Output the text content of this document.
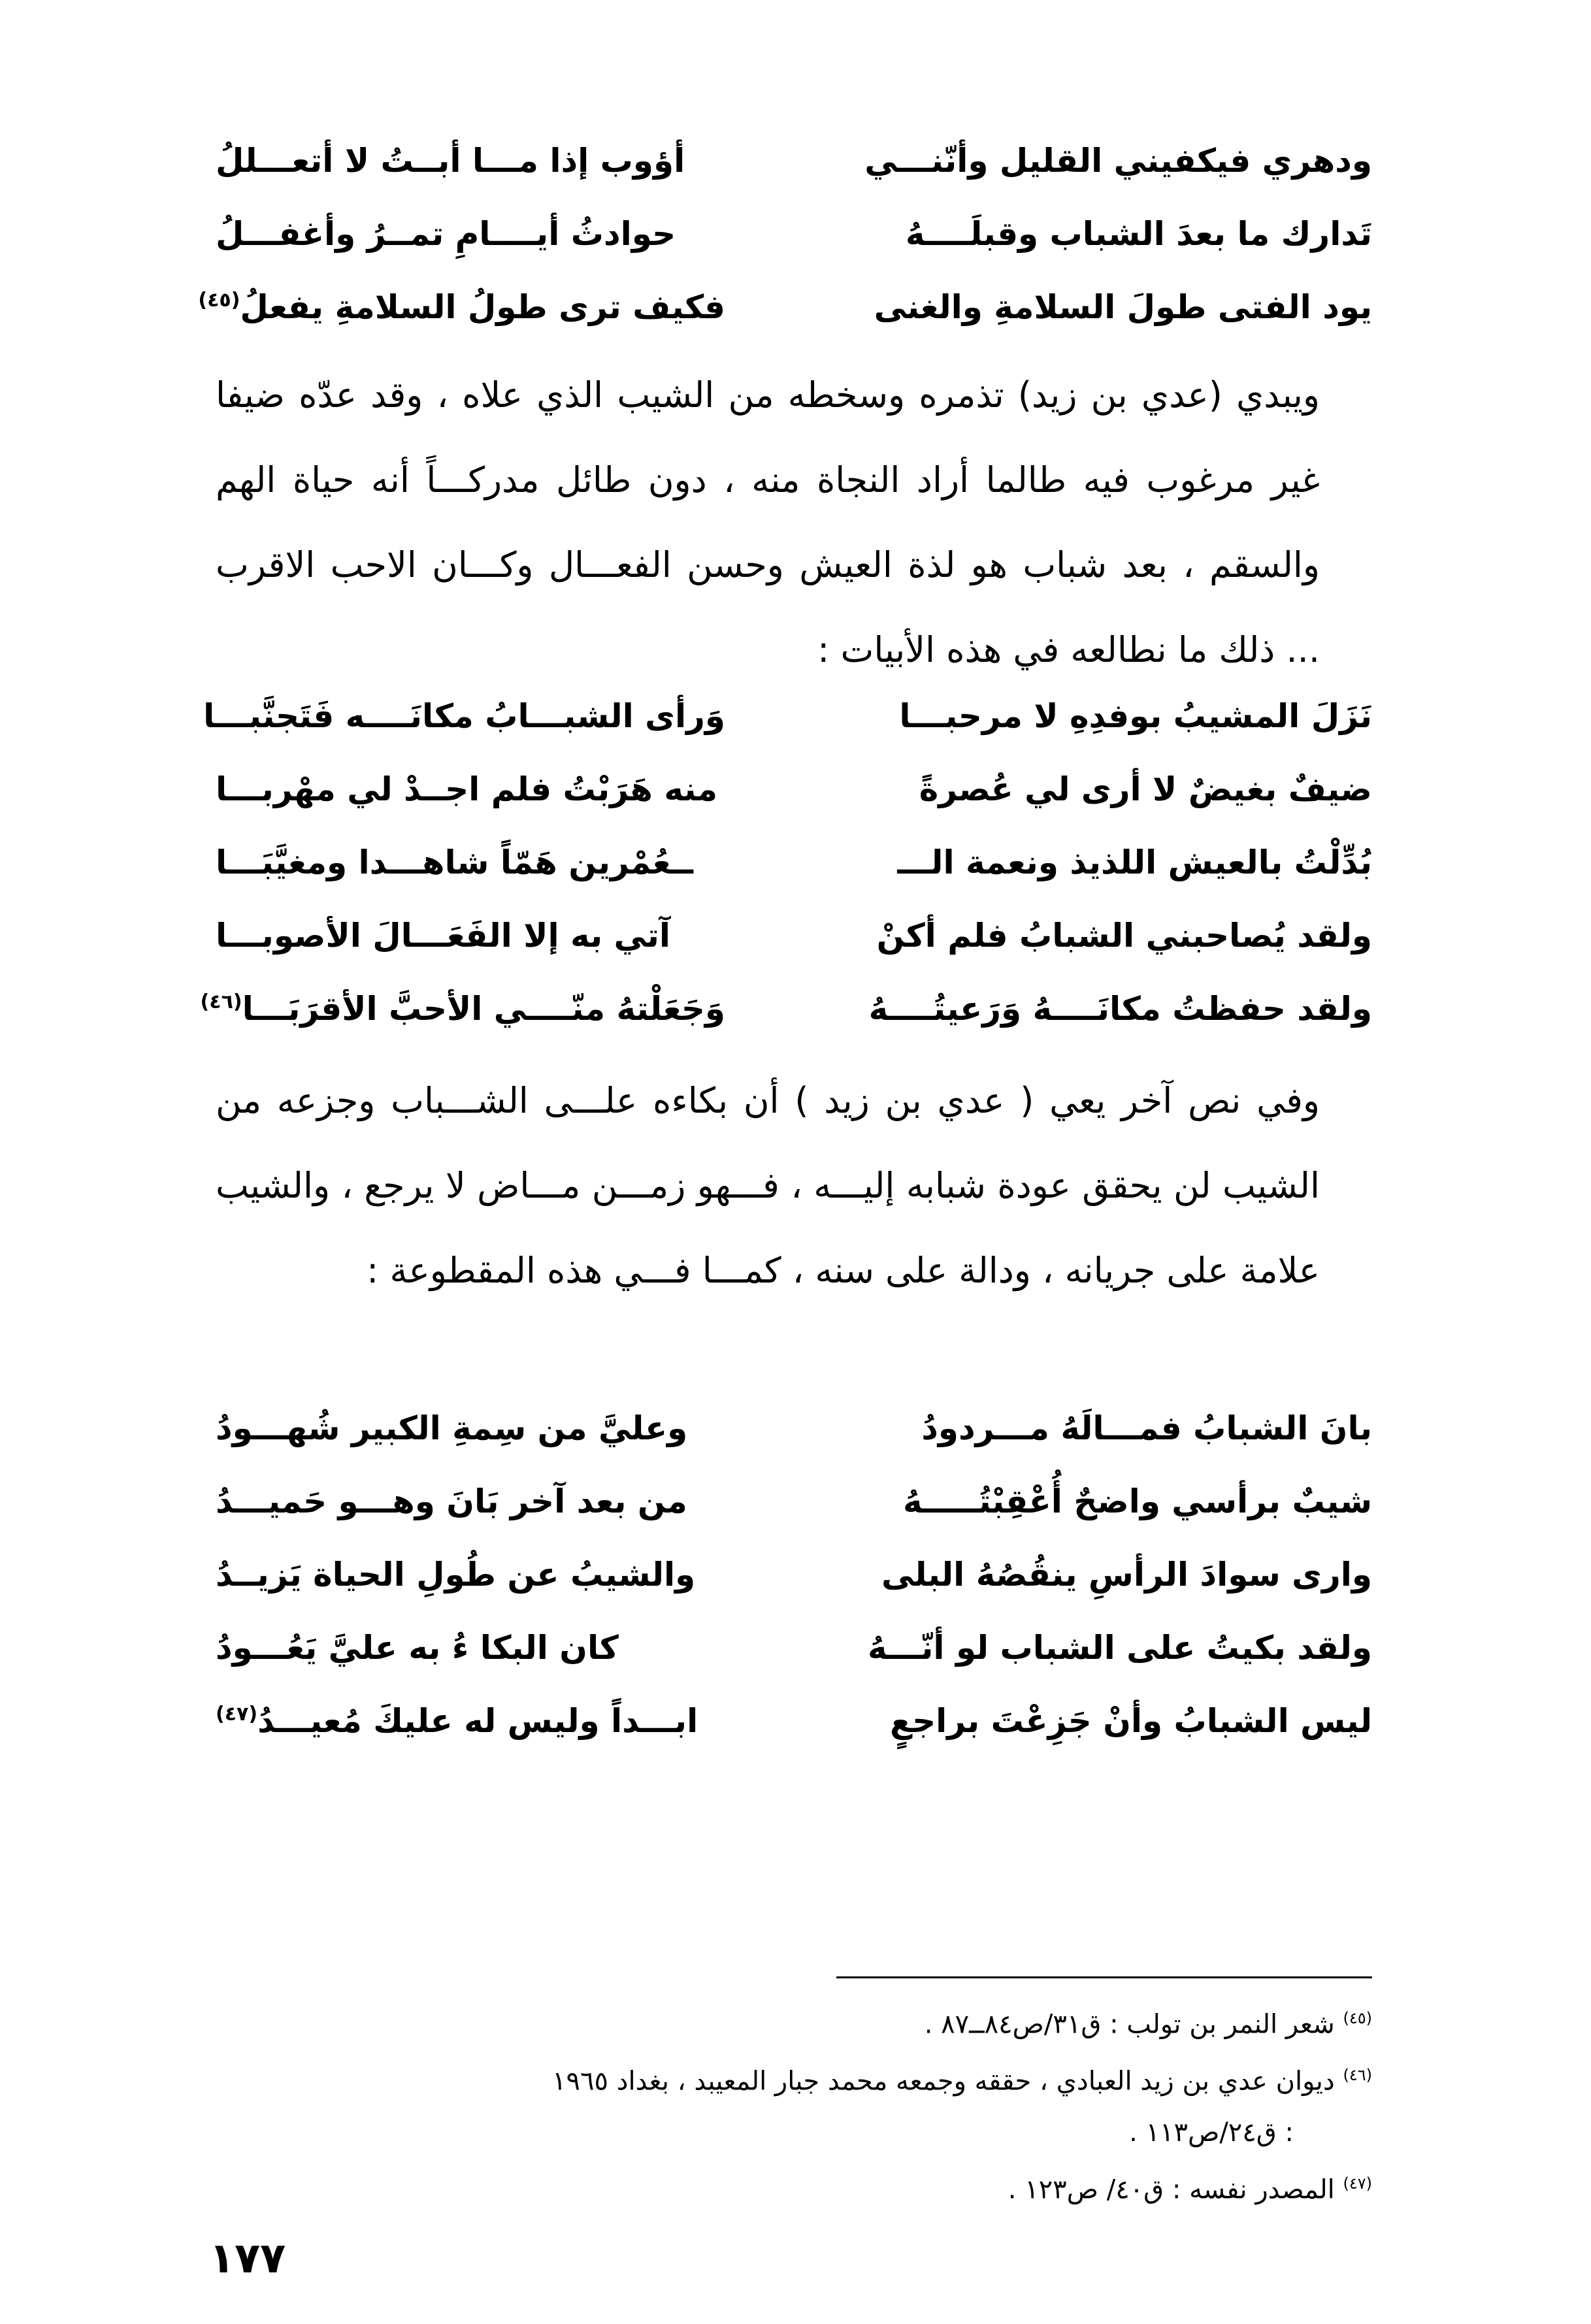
ودهري فيكفيني القليل وأنّنـــي
أؤوب إذا مـــا أبــتُ لا أتعـــللُ
تَدارك ما بعدَ الشباب وقبلَــــهُ
حوادثُ أيــــامِ تمــرُ وأغفـــلُ
يود الفتى طولَ السلامةِ والغنى
فكيف ترى طولُ السلامةِ يفعلُ(٤٥)

ويبدي (عدي بن زيد) تذمره وسخطه من الشيب الذي علاه ، وقد عدّه ضيفا غير مرغوب فيه طالما أراد النجاة منه ، دون طائل مدركـــاً أنه حياة الهم والسقم ، بعد شباب هو لذة العيش وحسن الفعـــال وكـــان الاحب الاقرب ... ذلك ما نطالعه في هذه الأبيات :

نَزَلَ المشيبُ بوفدِهِ لا مرحبـــا
وَرأى الشبـــابُ مكانَــــه فَتَجنَّبـــا
ضيفٌ بغيضٌ لا أرى لي عُصرةً
منه هَرَبْتُ فلم اجــدْ لي مهْربـــا
بُدِّلْتُ بالعيش اللذيذ ونعمة الـــ
ــعُمْرين هَمّاً شاهـــدا ومغيَّبَـــا
ولقد يُصاحبني الشبابُ فلم أكنْ
آتي به إلا الفَعَـــالَ الأصوبـــا
ولقد حفظتُ مكانَــــهُ وَرَعيتُــــهُ
وَجَعَلْتهُ منّــــي الأحبَّ الأقرَبَـــا(٤٦)

وفي نص آخر يعي ( عدي بن زيد ) أن بكاءه علـــى الشـــباب وجزعه من الشيب لن يحقق عودة شبابه إليـــه ، فـــهو زمـــن مـــاض لا يرجع ، والشيب علامة على جريانه ، ودالة على سنه ، كمـــا فـــي هذه المقطوعة :

بانَ الشبابُ فمـــالَهُ مـــردودُ
وعليَّ من سِمةِ الكبير شُهـــودُ
شيبٌ برأسي واضحٌ أُعْقِبْتُـــــهُ
من بعد آخر بَانَ وهـــو حَميـــدُ
وارى سوادَ الرأسِ ينقُصُهُ البلى
والشيبُ عن طُولِ الحياة يَزيــدُ
ولقد بكيتُ على الشباب لو أنّـــهُ
كان البكا ءُ به عليَّ يَعُـــودُ
ليس الشبابُ وأنْ جَزِعْتَ براجعٍ
ابـــداً وليس له عليكَ مُعيـــدُ(٤٧)

$^{(٤٥)}$ شعر النمر بن تولب : ق٣١/ص٨٤ــ٨٧ .

$^{(٤٦)}$ ديوان عدي بن زيد العبادي ، حققه وجمعه محمد جبار المعيبد ، بغداد ١٩٦٥

: ق٢٤/ص١١٣ .

$^{(٤٧)}$ المصدر نفسه : ق٤٠/ ص١٢٣ .

١٧٧
